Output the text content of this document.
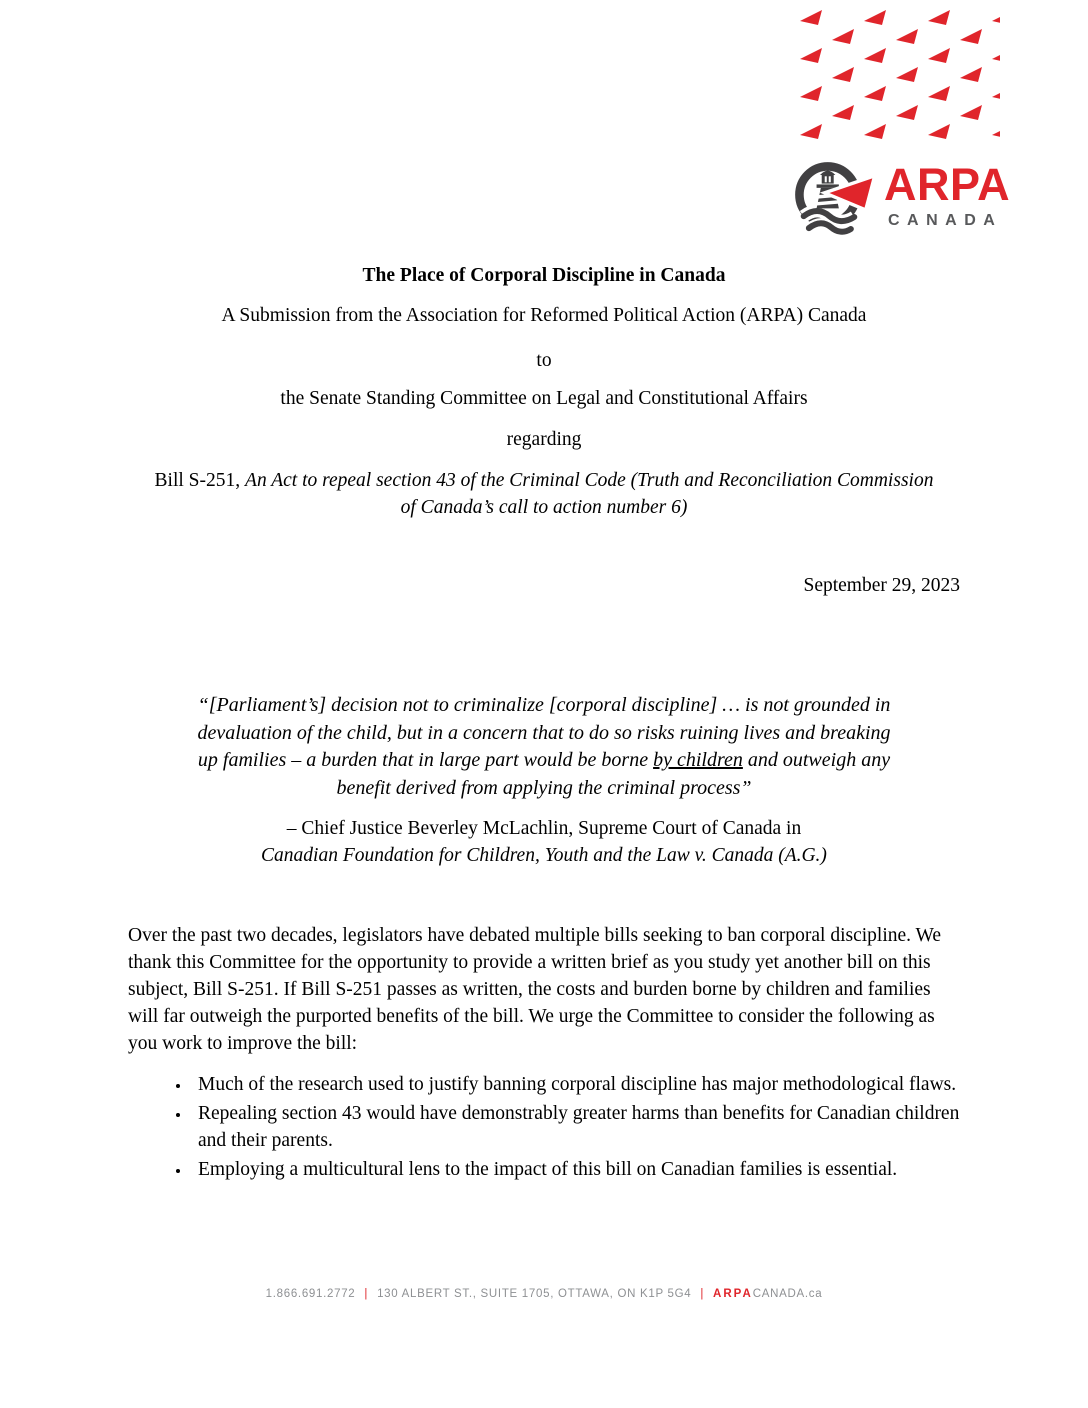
ARPA
CANADA

The Place of Corporal Discipline in Canada

A Submission from the Association for Reformed Political Action (ARPA) Canada

to

the Senate Standing Committee on Legal and Constitutional Affairs

regarding

Bill S-251, An Act to repeal section 43 of the Criminal Code (Truth and Reconciliation Commission of Canada’s call to action number 6)

September 29, 2023

“[Parliament’s] decision not to criminalize [corporal discipline] … is not grounded in devaluation of the child, but in a concern that to do so risks ruining lives and breaking up families – a burden that in large part would be borne by children and outweigh any benefit derived from applying the criminal process”

– Chief Justice Beverley McLachlin, Supreme Court of Canada in

Canadian Foundation for Children, Youth and the Law v. Canada (A.G.)

Over the past two decades, legislators have debated multiple bills seeking to ban corporal discipline. We thank this Committee for the opportunity to provide a written brief as you study yet another bill on this subject, Bill S-251. If Bill S-251 passes as written, the costs and burden borne by children and families will far outweigh the purported benefits of the bill. We urge the Committee to consider the following as you work to improve the bill:

• Much of the research used to justify banning corporal discipline has major methodological flaws.
• Repealing section 43 would have demonstrably greater harms than benefits for Canadian children and their parents.
• Employing a multicultural lens to the impact of this bill on Canadian families is essential.
1.866.691.2772 | 130 ALBERT ST., SUITE 1705, OTTAWA, ON K1P 5G4 | ARPACANADA.ca
